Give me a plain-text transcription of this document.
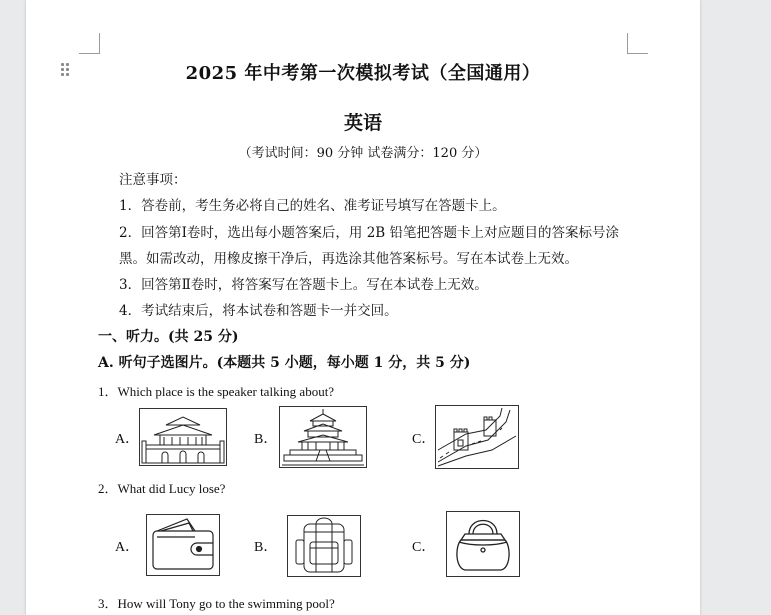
2025 年中考第一次模拟考试（全国通用）
英语
（考试时间：90 分钟 试卷满分：120 分）
注意事项：
1．答卷前，考生务必将自己的姓名、准考证号填写在答题卡上。
2．回答第Ⅰ卷时，选出每小题答案后，用 2B 铅笔把答题卡上对应题目的答案标号涂
黑。如需改动，用橡皮擦干净后，再选涂其他答案标号。写在本试卷上无效。
3．回答第Ⅱ卷时，将答案写在答题卡上。写在本试卷上无效。
4．考试结束后，将本试卷和答题卡一并交回。
一、听力。(共 25 分)
A. 听句子选图片。(本题共 5 小题，每小题 1 分，共 5 分)
1．Which place is the speaker talking about?
A．	B．	C．
2．What did Lucy lose?
A．	B．	C．
3．How will Tony go to the swimming pool?
